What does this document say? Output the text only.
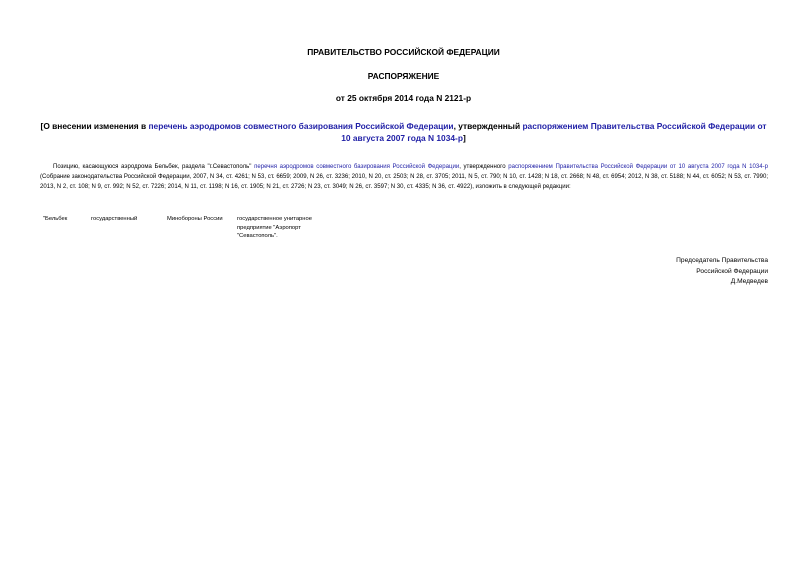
ПРАВИТЕЛЬСТВО РОССИЙСКОЙ ФЕДЕРАЦИИ
РАСПОРЯЖЕНИЕ
от 25 октября 2014 года N 2121-р
[О внесении изменения в перечень аэродромов совместного базирования Российской Федерации, утвержденный распоряжением Правительства Российской Федерации от 10 августа 2007 года N 1034-р]
Позицию, касающуюся аэродрома Бельбек, раздела "г.Севастополь" перечня аэродромов совместного базирования Российской Федерации, утвержденного распоряжением Правительства Российской Федерации от 10 августа 2007 года N 1034-р (Собрание законодательства Российской Федерации, 2007, N 34, ст. 4261; N 53, ст. 6659; 2009, N 26, ст. 3236; 2010, N 20, ст. 2503; N 28, ст. 3705; 2011, N 5, ст. 790; N 10, ст. 1428; N 18, ст. 2668; N 48, ст. 6954; 2012, N 38, ст. 5188; N 44, ст. 6052; N 53, ст. 7990; 2013, N 2, ст. 108; N 9, ст. 992; N 52, ст. 7226; 2014, N 11, ст. 1198; N 16, ст. 1905; N 21, ст. 2726; N 23, ст. 3049; N 26, ст. 3597; N 30, ст. 4335; N 36, ст. 4922), изложить в следующей редакции:
"Бельбек	государственный	Минобороны России	государственное унитарное предприятие "Аэропорт "Севастополь".
Председатель Правительства
Российской Федерации
Д.Медведев
